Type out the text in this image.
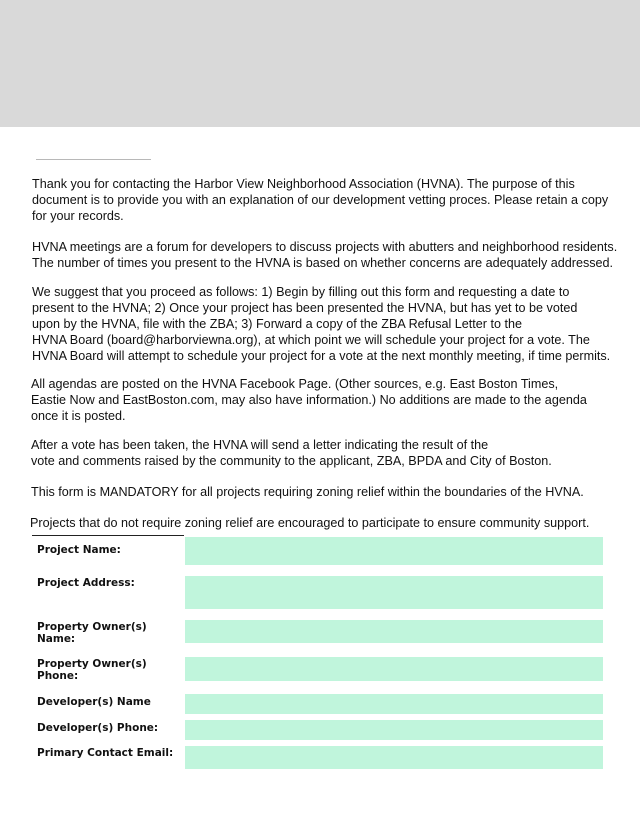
Thank you for contacting the Harbor View Neighborhood Association (HVNA). The purpose of this
document is to provide you with an explanation of our development vetting proces. Please retain a copy
for your records.

HVNA meetings are a forum for developers to discuss projects with abutters and neighborhood residents.
The number of times you present to the HVNA is based on whether concerns are adequately addressed.

We suggest that you proceed as follows: 1) Begin by filling out this form and requesting a date to
present to the HVNA; 2) Once your project has been presented the HVNA, but has yet to be voted
upon by the HVNA, file with the ZBA; 3) Forward a copy of the ZBA Refusal Letter to the
HVNA Board (board@harborviewna.org), at which point we will schedule your project for a vote. The
HVNA Board will attempt to schedule your project for a vote at the next monthly meeting, if time permits.

All agendas are posted on the HVNA Facebook Page. (Other sources, e.g. East Boston Times,
Eastie Now and EastBoston.com, may also have information.) No additions are made to the agenda
once it is posted.

After a vote has been taken, the HVNA will send a letter indicating the result of the
vote and comments raised by the community to the applicant, ZBA, BPDA and City of Boston.

This form is MANDATORY for all projects requiring zoning relief within the boundaries of the HVNA.

Projects that do not require zoning relief are encouraged to participate to ensure community support.

Project Name:
Project Address:
Property Owner(s)
Name:
Property Owner(s)
Phone:
Developer(s) Name
Developer(s) Phone:
Primary Contact Email:
